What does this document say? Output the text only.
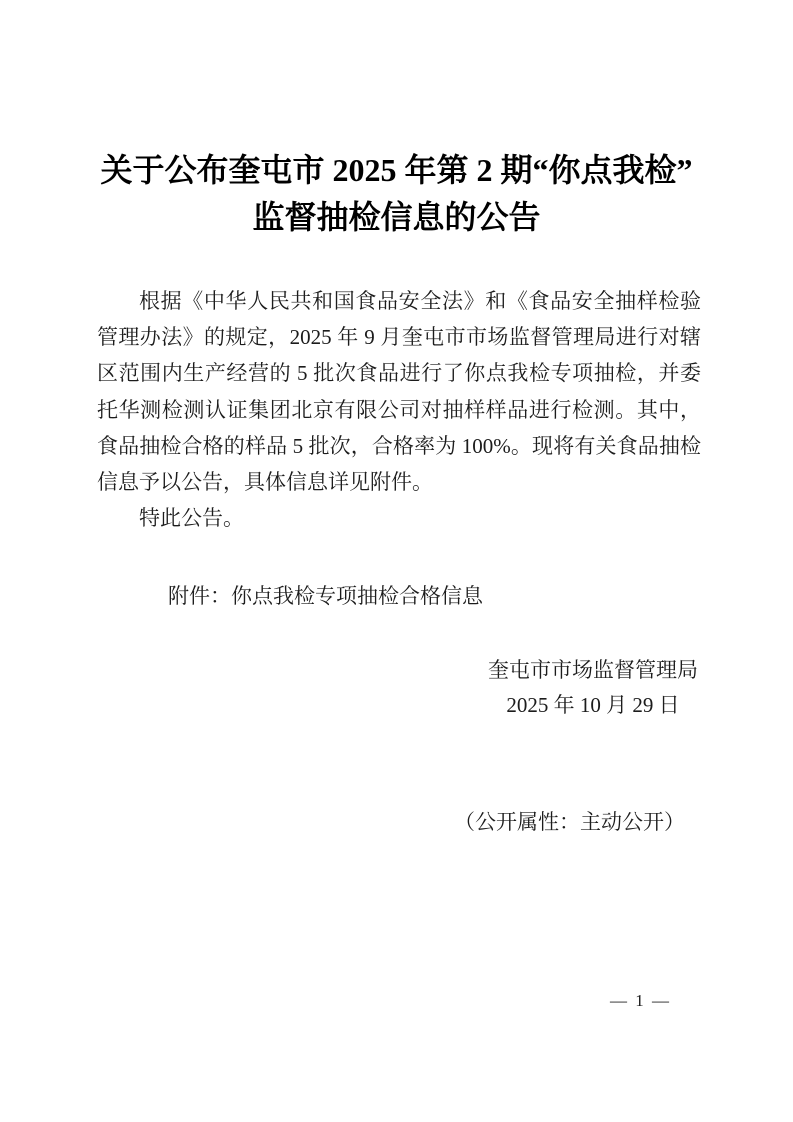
关于公布奎屯市 2025 年第 2 期“你点我检”
监督抽检信息的公告
根据《中华人民共和国食品安全法》和《食品安全抽样检验
管理办法》的规定，2025 年 9 月奎屯市市场监督管理局进行对辖
区范围内生产经营的 5 批次食品进行了你点我检专项抽检，并委
托华测检测认证集团北京有限公司对抽样样品进行检测。其中，
食品抽检合格的样品 5 批次，合格率为 100%。现将有关食品抽检
信息予以公告，具体信息详见附件。
特此公告。
附件：你点我检专项抽检合格信息
奎屯市市场监督管理局
2025 年 10 月 29 日
（公开属性：主动公开）
— 1 —
